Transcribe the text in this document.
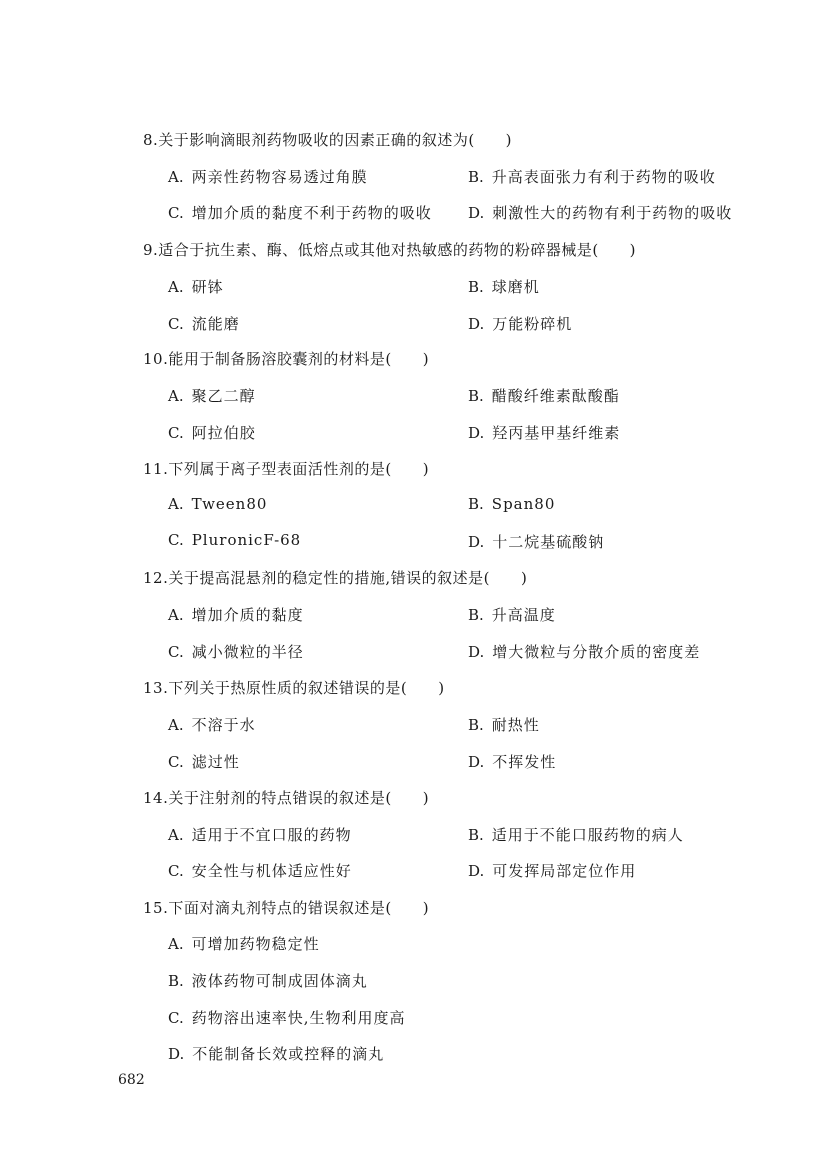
8.关于影响滴眼剂药物吸收的因素正确的叙述为(　　)
A. 两亲性药物容易透过角膜	B. 升高表面张力有利于药物的吸收
C. 增加介质的黏度不利于药物的吸收 D. 刺激性大的药物有利于药物的吸收
9.适合于抗生素、酶、低熔点或其他对热敏感的药物的粉碎器械是(　　)
A. 研钵	B. 球磨机
C. 流能磨	D. 万能粉碎机
10.能用于制备肠溶胶囊剂的材料是(　　)
A. 聚乙二醇	B. 醋酸纤维素酞酸酯
C. 阿拉伯胶	D. 羟丙基甲基纤维素
11.下列属于离子型表面活性剂的是(　　)
A. Tween80	B. Span80
C. PluronicF-68	D. 十二烷基硫酸钠
12.关于提高混悬剂的稳定性的措施,错误的叙述是(　　)
A. 增加介质的黏度	B. 升高温度
C. 减小微粒的半径	D. 增大微粒与分散介质的密度差
13.下列关于热原性质的叙述错误的是(　　)
A. 不溶于水	B. 耐热性
C. 滤过性	D. 不挥发性
14.关于注射剂的特点错误的叙述是(　　)
A. 适用于不宜口服的药物	B. 适用于不能口服药物的病人
C. 安全性与机体适应性好	D. 可发挥局部定位作用
15.下面对滴丸剂特点的错误叙述是(　　)
A. 可增加药物稳定性
B. 液体药物可制成固体滴丸
C. 药物溶出速率快,生物利用度高
D. 不能制备长效或控释的滴丸
682
